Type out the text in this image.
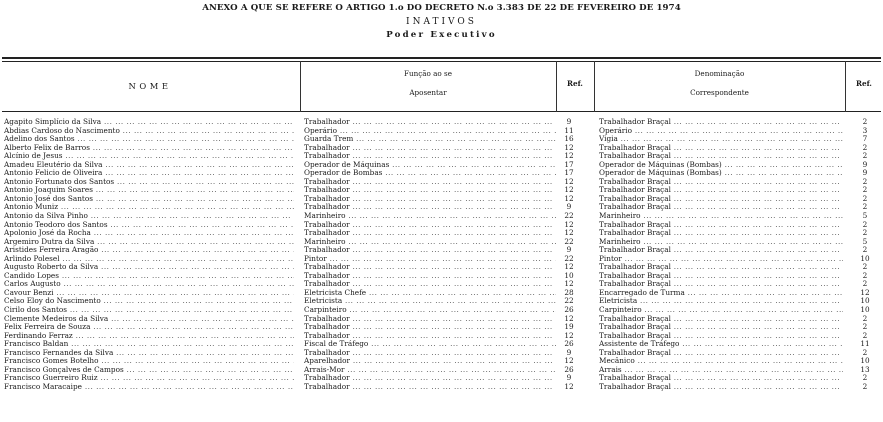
ANEXO A QUE SE REFERE O ARTIGO 1.o DO DECRETO N.o 3.383 DE 22 DE FEVEREIRO DE 1974
INATIVOS
Poder Executivo
NOME
Função ao se
Aposentar
Ref.
Denominação
Correspondente
Ref.
Agapito Simplício da Silva ... .	Trabalhador ... .	9	Trabalhador Braçal ... .	2
Abdias Cardoso do Nascimento ... .	Operário ... .	11	Operário ... .	3
Adelino dos Santos ... .	Guarda Trem ... .	16	Vigia ... .	7
Alberto Felix de Barros ... .	Trabalhador ... .	12	Trabalhador Braçal ... .	2
Alcínio de Jesus ... .	Trabalhador ... .	12	Trabalhador Braçal ... .	2
Amadeu Eleutério da Silva ... .	Operador de Máquinas ... .	17	Operador de Máquinas (Bombas) ... .	9
Antonio Felicio de Oliveira ... .	Operador de Bombas ... .	17	Operador de Máquinas (Bombas) ... .	9
Antonio Fortunato dos Santos ... .	Trabalhador ... .	12	Trabalhador Braçal ... .	2
Antonio Joaquim Soares ... .	Trabalhador ... .	12	Trabalhador Braçal ... .	2
Antonio José dos Santos ... .	Trabalhador ... .	12	Trabalhador Braçal ... .	2
Antonio Muniz ... .	Trabalhador ... .	9	Trabalhador Braçal ... .	2
Antonio da Silva Pinho ... .	Marinheiro ... .	22	Marinheiro ... .	5
Antonio Teodoro dos Santos ... .	Trabalhador ... .	12	Trabalhador Braçal ... .	2
Apolonio José da Rocha ... .	Trabalhador ... .	12	Trabalhador Braçal ... .	2
Argemiro Dutra da Silva ... .	Marinheiro ... .	22	Marinheiro ... .	5
Aristides Ferreira Aragão ... .	Trabalhador ... .	9	Trabalhador Braçal ... .	2
Arlindo Polesel ... .	Pintor ... .	22	Pintor ... .	10
Augusto Roberto da Silva ... .	Trabalhador ... .	12	Trabalhador Braçal ... .	2
Candido Lopes ... .	Trabalhador ... .	10	Trabalhador Braçal ... .	2
Carlos Augusto ... .	Trabalhador ... .	12	Trabalhador Braçal ... .	2
Cavour Benzi ... .	Eletricista Chefe ... .	28	Encarregado de Turma ... .	12
Celso Eloy do Nascimento ... .	Eletricista ... .	22	Eletricista ... .	10
Cirilo dos Santos ... .	Carpinteiro ... .	26	Carpinteiro ... .	10
Clemente Medeiros da Silva ... .	Trabalhador ... .	12	Trabalhador Braçal ... .	2
Felix Ferreira de Souza ... .	Trabalhador ... .	19	Trabalhador Braçal ... .	2
Ferdinando Ferraz ... .	Trabalhador ... .	12	Trabalhador Braçal ... .	2
Francisco Baldan ... .	Fiscal de Tráfego ... .	26	Assistente de Tráfego ... .	11
Francisco Fernandes da Silva ... .	Trabalhador ... .	9	Trabalhador Braçal ... .	2
Francisco Gomes Botelho ... .	Aparelhador ... .	12	Mecânico ... .	10
Francisco Gonçalves de Campos ... .	Arrais-Mor ... .	26	Arrais ... .	13
Francisco Guerreiro Ruiz ... .	Trabalhador ... .	9	Trabalhador Braçal ... .	2
Francisco Maracaipe ... .	Trabalhador ... .	12	Trabalhador Braçal ... .	2
